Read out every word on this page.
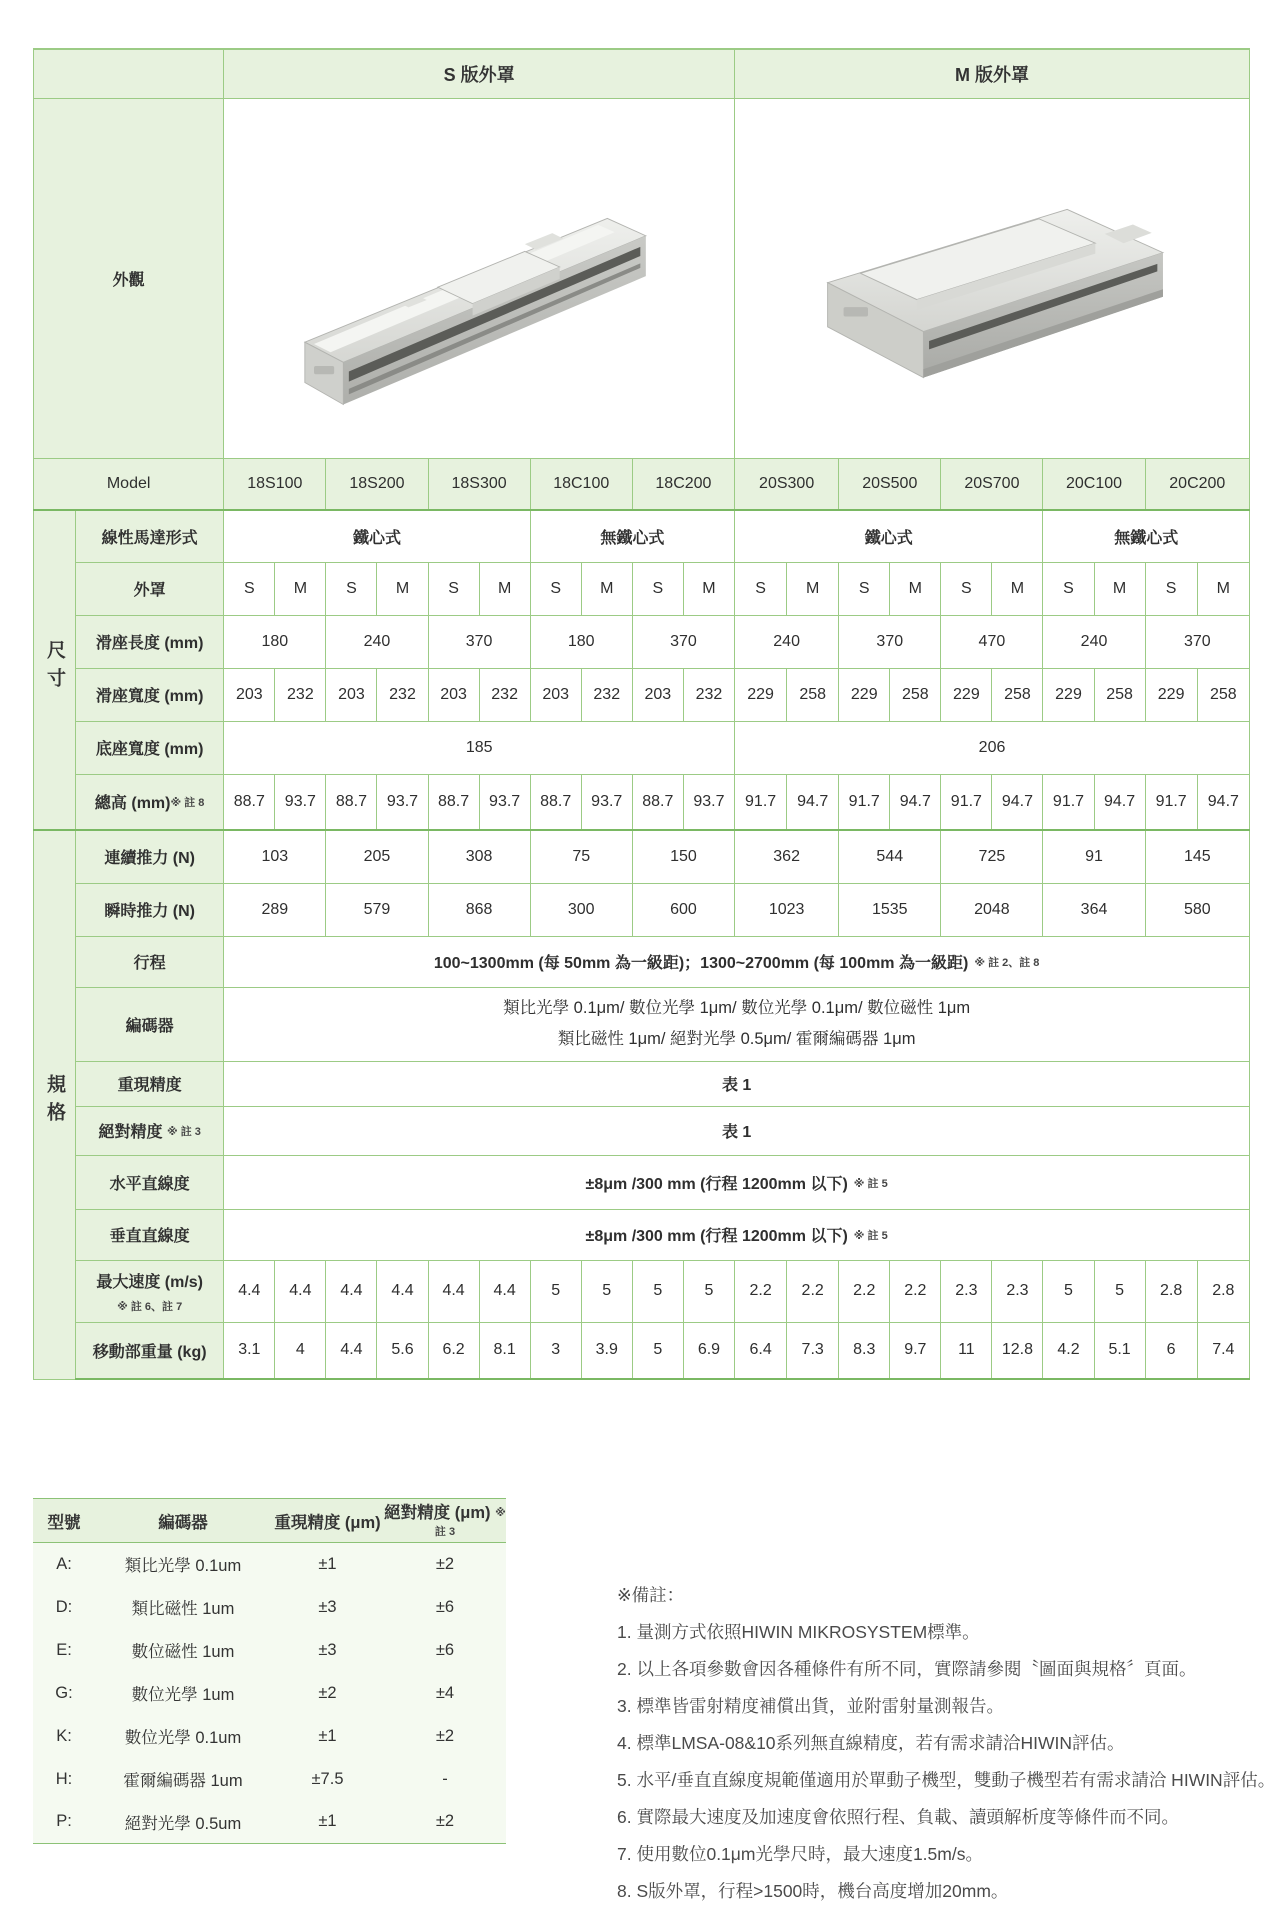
		S 版外罩										M 版外罩									
外觀	

Model		18S100		18S200		18S300		18C100		18C200		20S300		20S500		20S700		20C100		20C200	
尺寸	線性馬達形式	鐵心式						無鐵心式				鐵心式						無鐵心式			
	外罩	S	M	S	M	S	M	S	M	S	M	S	M	S	M	S	M	S	M	S	M
	滑座長度 (mm)	180		240		370		180		370		240		370		470		240		370	
	滑座寬度 (mm)	203	232	203	232	203	232	203	232	203	232	229	258	229	258	229	258	229	258	229	258
	底座寬度 (mm)	185										206									
	總高 (mm)※ 註 8	88.7	93.7	88.7	93.7	88.7	93.7	88.7	93.7	88.7	93.7	91.7	94.7	91.7	94.7	91.7	94.7	91.7	94.7	91.7	94.7
規格	連續推力 (N)	103		205		308		75		150		362		544		725		91		145	
	瞬時推力 (N)	289		579		868		300		600		1023		1535		2048		364		580	
	行程	100~1300mm (每 50mm 為一級距)；1300~2700mm (每 100mm 為一級距) ※ 註 2、註 8																			
	編碼器	類比光學 0.1μm/ 數位光學 1μm/ 數位光學 0.1μm/ 數位磁性 1μm
類比磁性 1μm/ 絕對光學 0.5μm/ 霍爾編碼器 1μm																			

	重現精度	表 1																			
	絕對精度 ※ 註 3	表 1																			
	水平直線度	±8μm /300 mm (行程 1200mm 以下) ※ 註 5																			
	垂直直線度	±8μm /300 mm (行程 1200mm 以下) ※ 註 5																			

	最大速度 (m/s)
※ 註 6、註 7	4.4	4.4	4.4	4.4	4.4	4.4	5	5	5	5	2.2	2.2	2.2	2.2	2.3	2.3	5	5	2.8	2.8
	移動部重量 (kg)	3.1	4	4.4	5.6	6.2	8.1	3	3.9	5	6.9	6.4	7.3	8.3	9.7	11	12.8	4.2	5.1	6	7.4
型號	編碼器	重現精度 (μm)	絕對精度 (μm) ※ 註 3
A:	類比光學 0.1um	±1	±2
D:	類比磁性 1um	±3	±6
E:	數位磁性 1um	±3	±6
G:	數位光學 1um	±2	±4
K:	數位光學 0.1um	±1	±2
H:	霍爾編碼器 1um	±7.5	-
P:	絕對光學 0.5um	±1	±2
※備註：
1. 量測方式依照HIWIN MIKROSYSTEM標準。
2. 以上各項參數會因各種條件有所不同，實際請參閱〝圖面與規格〞頁面。
3. 標準皆雷射精度補償出貨，並附雷射量測報告。
4. 標準LMSA-08&10系列無直線精度，若有需求請洽HIWIN評估。
5. 水平/垂直直線度規範僅適用於單動子機型，雙動子機型若有需求請洽 HIWIN評估。
6. 實際最大速度及加速度會依照行程、負載、讀頭解析度等條件而不同。
7. 使用數位0.1μm光學尺時，最大速度1.5m/s。
8. S版外罩，行程>1500時，機台高度增加20mm。
